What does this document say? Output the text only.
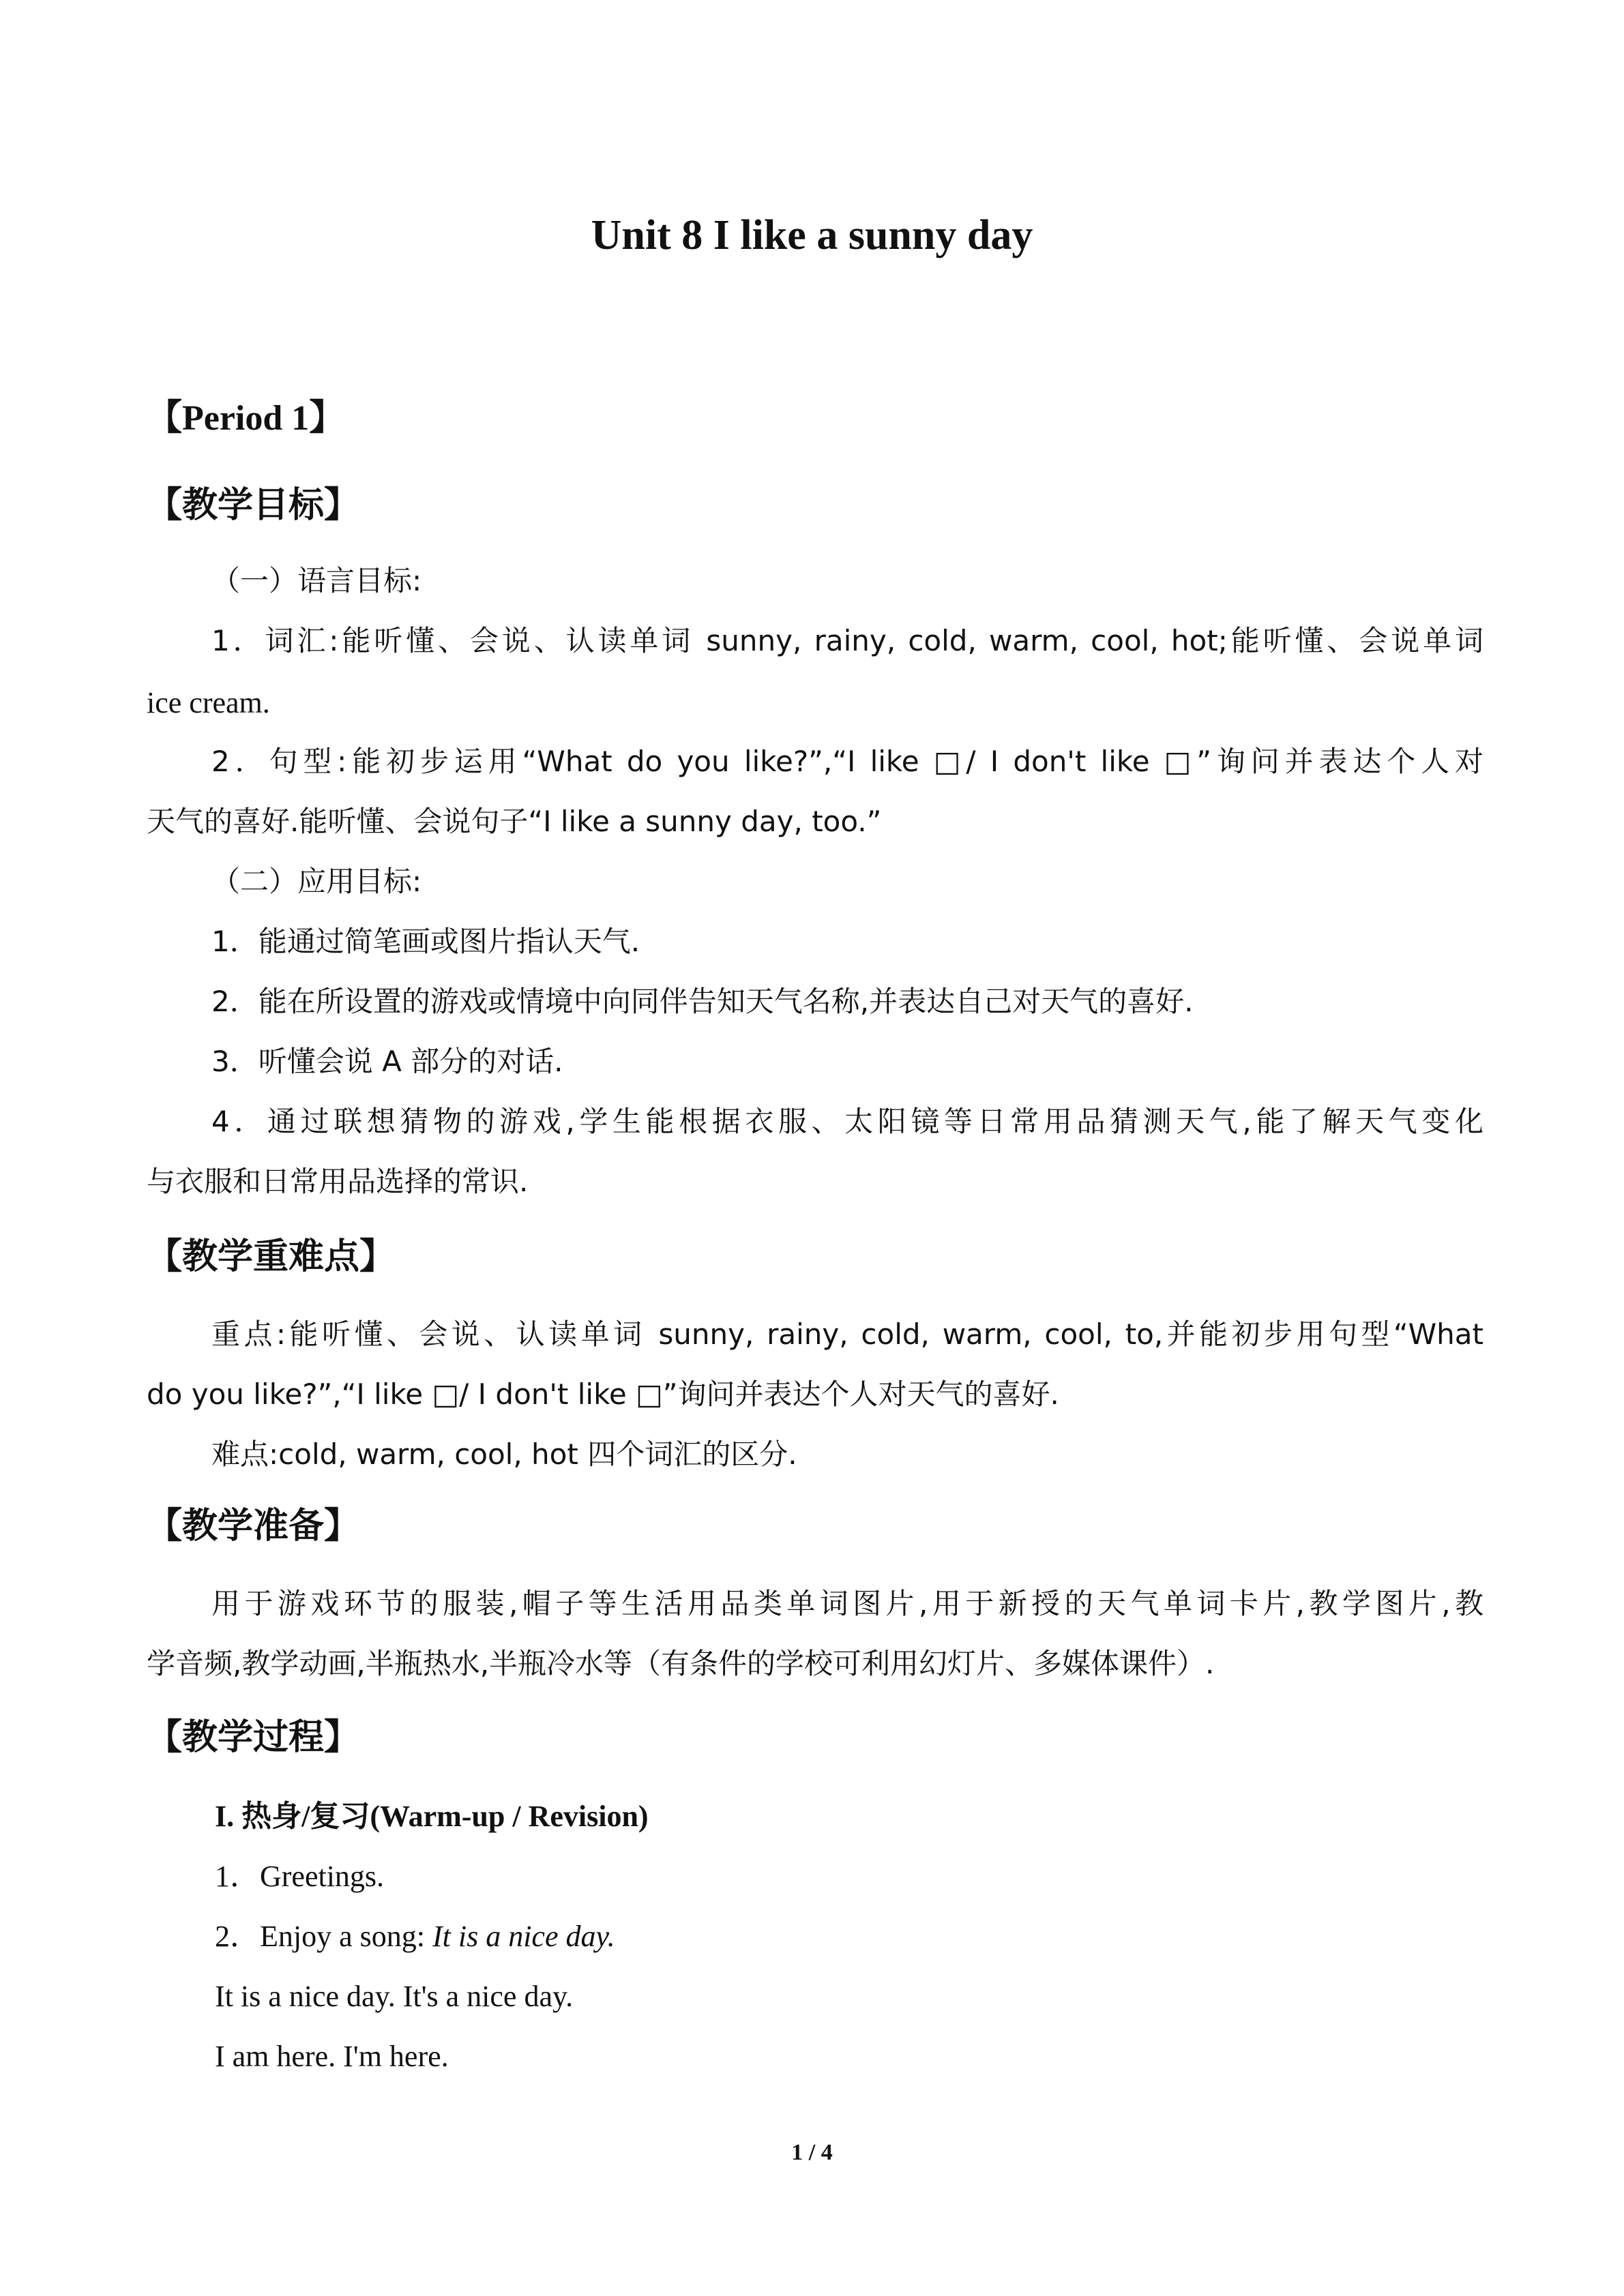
Unit 8 I like a sunny day
【Period 1】
【教学目标】
（一）语言目标:
1．词汇:能听懂、会说、认读单词 sunny, rainy, cold, warm, cool, hot;能听懂、会说单词
ice cream.
2．句型:能初步运用“What do you like?”,“I like □/ I don't like □”询问并表达个人对
天气的喜好.能听懂、会说句子“I like a sunny day, too.”
（二）应用目标:
1．能通过简笔画或图片指认天气.
2．能在所设置的游戏或情境中向同伴告知天气名称,并表达自己对天气的喜好.
3．听懂会说 A 部分的对话.
4．通过联想猜物的游戏,学生能根据衣服、太阳镜等日常用品猜测天气,能了解天气变化
与衣服和日常用品选择的常识.
【教学重难点】
重点:能听懂、会说、认读单词 sunny, rainy, cold, warm, cool, to,并能初步用句型“What
do you like?”,“I like □/ I don't like □”询问并表达个人对天气的喜好.
难点:cold, warm, cool, hot 四个词汇的区分.
【教学准备】
用于游戏环节的服装,帽子等生活用品类单词图片,用于新授的天气单词卡片,教学图片,教
学音频,教学动画,半瓶热水,半瓶冷水等（有条件的学校可利用幻灯片、多媒体课件）.
【教学过程】
I. 热身/复习(Warm-up / Revision)
1．Greetings.
2．Enjoy a song: It is a nice day.
It is a nice day. It's a nice day.
I am here. I'm here.
1 / 4
